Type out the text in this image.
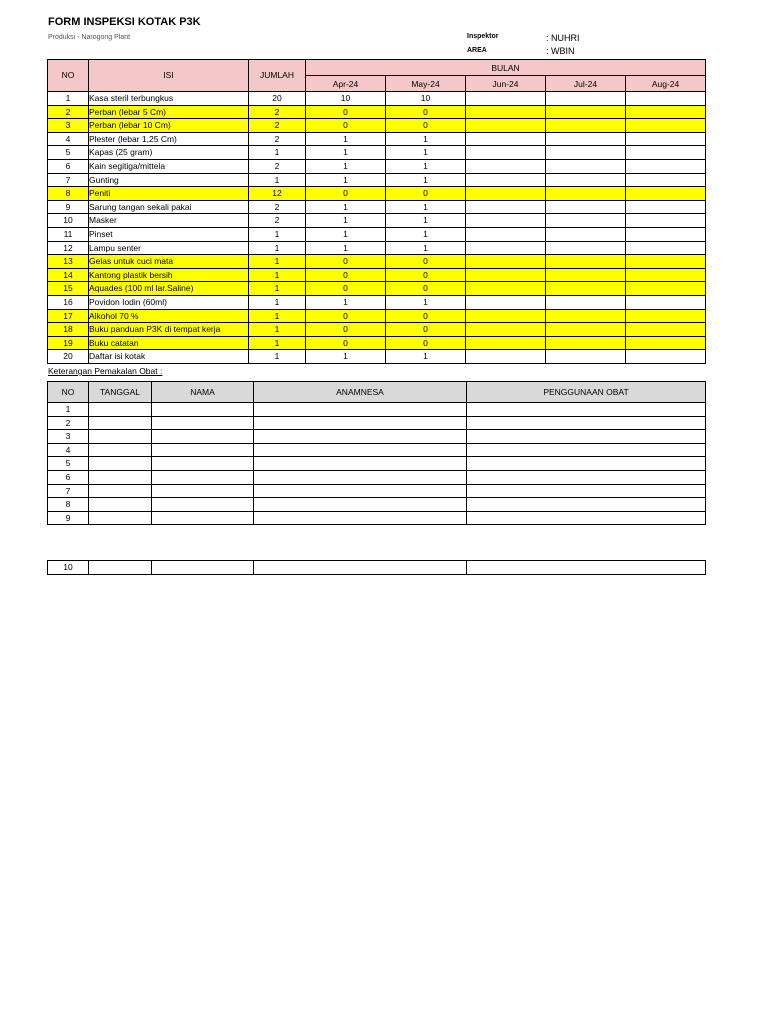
FORM INSPEKSI KOTAK P3K
Produksi - Narogong Plant	Inspektor	: NUHRI
AREA	: WBIN
NO	ISI	JUMLAH	BULAN				
			Apr-24	May-24	Jun-24	Jul-24	Aug-24
1	Kasa steril terbungkus	20	10	10			
2	Perban (lebar 5 Cm)	2	0	0			
3	Perban (lebar 10 Cm)	2	0	0			
4	Plester (lebar 1,25 Cm)	2	1	1			
5	Kapas (25 gram)	1	1	1			
6	Kain segitiga/mittela	2	1	1			
7	Gunting	1	1	1			
8	Peniti	12	0	0			
9	Sarung tangan sekali pakai	2	1	1			
10	Masker	2	1	1			
11	Pinset	1	1	1			
12	Lampu senter	1	1	1			
13	Gelas untuk cuci mata	1	0	0			
14	Kantong plastik bersih	1	0	0			
15	Aquades (100 ml lar.Saline)	1	0	0			
16	Povidon Iodin (60ml)	1	1	1			
17	Alkohol 70 %	1	0	0			
18	Buku panduan P3K di tempat kerja	1	0	0			
19	Buku catatan	1	0	0			
20	Daftar isi kotak	1	1	1			
Keterangan Pemakalan Obat :
NO	TANGGAL	NAMA	ANAMNESA	PENGGUNAAN OBAT
1				
2				
3				
4				
5				
6				
7				
8				
9				
10				
